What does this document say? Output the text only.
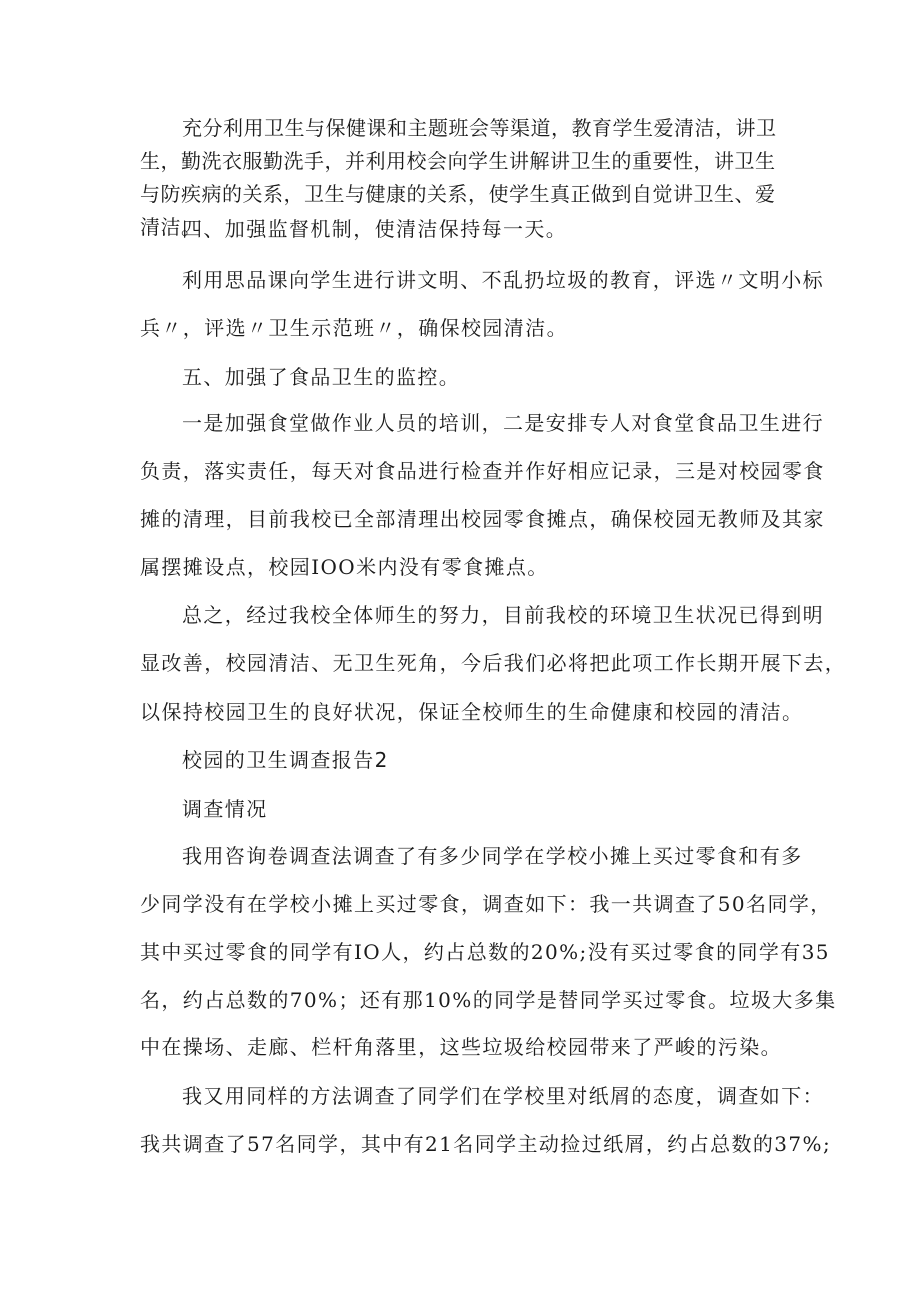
充分利用卫生与保健课和主题班会等渠道，教育学生爱清洁，讲卫生，勤洗衣服勤洗手，并利用校会向学生讲解讲卫生的重要性，讲卫生与防疾病的关系，卫生与健康的关系，使学生真正做到自觉讲卫生、爱清洁。

四、加强监督机制，使清洁保持每一天。
利用思品课向学生进行讲文明、不乱扔垃圾的教育，评选〃文明小标
兵〃，评选〃卫生示范班〃，确保校园清洁。
五、加强了食品卫生的监控。
一是加强食堂做作业人员的培训，二是安排专人对食堂食品卫生进行
负责，落实责任，每天对食品进行检查并作好相应记录，三是对校园零食
摊的清理，目前我校已全部清理出校园零食摊点，确保校园无教师及其家
属摆摊设点，校园IOO米内没有零食摊点。
总之，经过我校全体师生的努力，目前我校的环境卫生状况已得到明
显改善，校园清洁、无卫生死角，今后我们必将把此项工作长期开展下去，
以保持校园卫生的良好状况，保证全校师生的生命健康和校园的清洁。
校园的卫生调查报告2
调查情况
我用咨询卷调查法调查了有多少同学在学校小摊上买过零食和有多
少同学没有在学校小摊上买过零食，调查如下：我一共调查了50名同学，
其中买过零食的同学有IO人，约占总数的20%;没有买过零食的同学有35
名，约占总数的70%；还有那10%的同学是替同学买过零食。垃圾大多集
中在操场、走廊、栏杆角落里，这些垃圾给校园带来了严峻的污染。
我又用同样的方法调查了同学们在学校里对纸屑的态度，调查如下：
我共调查了57名同学，其中有21名同学主动捡过纸屑，约占总数的37%;
